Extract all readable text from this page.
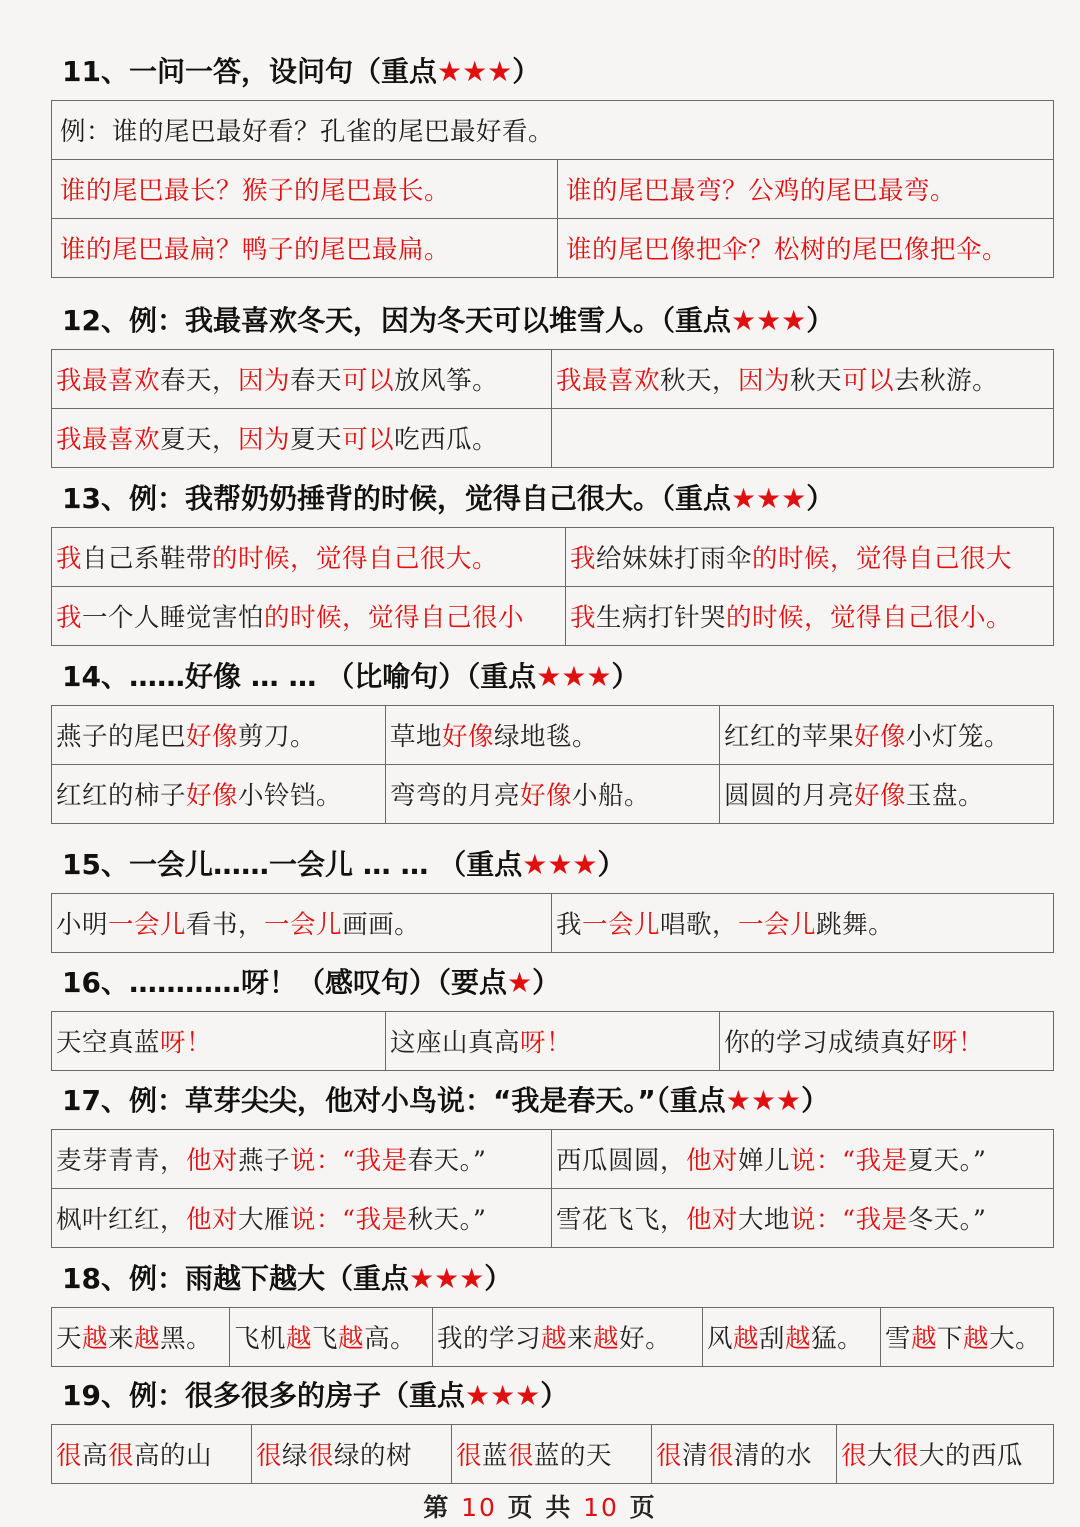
11、一问一答，设问句（重点★★★）
例：谁的尾巴最好看？孔雀的尾巴最好看。	
谁的尾巴最长？猴子的尾巴最长。	谁的尾巴最弯？公鸡的尾巴最弯。
谁的尾巴最扁？鸭子的尾巴最扁。	谁的尾巴像把伞？松树的尾巴像把伞。
12、例：我最喜欢冬天，因为冬天可以堆雪人。（重点★★★）
我最喜欢春天，因为春天可以放风筝。	我最喜欢秋天，因为秋天可以去秋游。
我最喜欢夏天，因为夏天可以吃西瓜。	
13、例：我帮奶奶捶背的时候，觉得自己很大。（重点★★★）
我自己系鞋带的时候，觉得自己很大。	我给妹妹打雨伞的时候，觉得自己很大
我一个人睡觉害怕的时候，觉得自己很小	我生病打针哭的时候，觉得自己很小。
14、……好像 … … （比喻句）（重点★★★）
燕子的尾巴好像剪刀。	草地好像绿地毯。	红红的苹果好像小灯笼。
红红的柿子好像小铃铛。	弯弯的月亮好像小船。	圆圆的月亮好像玉盘。
15、一会儿……一会儿 … … （重点★★★）
小明一会儿看书，一会儿画画。	我一会儿唱歌，一会儿跳舞。
16、…………呀！（感叹句）（要点★）
天空真蓝呀！	这座山真高呀！	你的学习成绩真好呀！
17、例：草芽尖尖，他对小鸟说：“我是春天。”（重点★★★）
麦芽青青，他对燕子说：“我是春天。”	西瓜圆圆，他对婵儿说：“我是夏天。”
枫叶红红，他对大雁说：“我是秋天。”	雪花飞飞，他对大地说：“我是冬天。”
18、例：雨越下越大（重点★★★）
天越来越黑。	飞机越飞越高。	我的学习越来越好。	风越刮越猛。	雪越下越大。
19、例：很多很多的房子（重点★★★）
很高很高的山	很绿很绿的树	很蓝很蓝的天	很清很清的水	很大很大的西瓜
第 10 页 共 10 页
